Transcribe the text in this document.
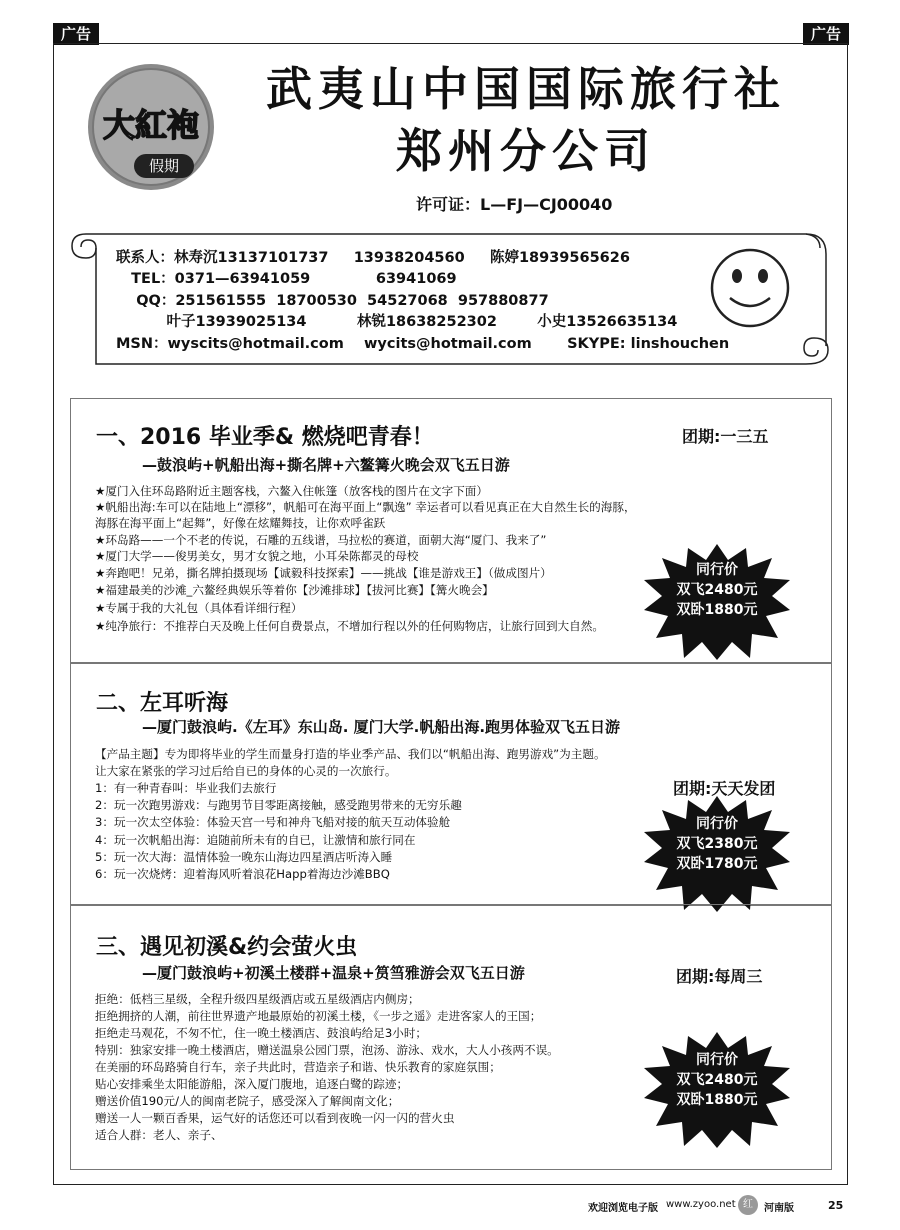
广告	广告
大紅袍
假期
武夷山中国国际旅行社
郑州分公司
许可证：L—FJ—CJ00040
联系人：林寿沉13137101737     13938204560     陈婷18939565626
TEL：0371—63941059             63941069
QQ：251561555  18700530  54527068  957880877
叶子13939025134          林锐18638252302        小史13526635134
MSN：wyscits@hotmail.com    wycits@hotmail.com       SKYPE: linshouchen
一、2016 毕业季& 燃烧吧青春！	团期:一三五
—鼓浪屿+帆船出海+撕名牌+六鳌篝火晚会双飞五日游
★厦门入住环岛路附近主题客栈，六鳌入住帐篷（放客栈的图片在文字下面）
★帆船出海:车可以在陆地上“漂移”，帆船可在海平面上“飘逸” 幸运者可以看见真正在大自然生长的海豚，
海豚在海平面上“起舞”，好像在炫耀舞技，让你欢呼雀跃
★环岛路——一个不老的传说，石雕的五线谱，马拉松的赛道，面朝大海“厦门、我来了”
★厦门大学——俊男美女，男才女貌之地，小耳朵陈都灵的母校
★奔跑吧！兄弟，撕名牌拍摄现场【诚毅科技探索】——挑战【谁是游戏王】（做成图片）
★福建最美的沙滩_六鳌经典娱乐等着你【沙滩排球】【拔河比赛】【篝火晚会】
★专属于我的大礼包（具体看详细行程）
★纯净旅行：不推荐白天及晚上任何自费景点，不增加行程以外的任何购物店，让旅行回到大自然。
同行价
双飞2480元
双卧1880元
二、左耳听海
—厦门鼓浪屿.《左耳》东山岛. 厦门大学.帆船出海.跑男体验双飞五日游
团期:天天发团
【产品主题】专为即将毕业的学生而量身打造的毕业季产品、我们以“帆船出海、跑男游戏”为主题。
让大家在紧张的学习过后给自已的身体的心灵的一次旅行。
1：有一种青春叫：毕业我们去旅行
2：玩一次跑男游戏：与跑男节目零距离接触，感受跑男带来的无穷乐趣
3：玩一次太空体验：体验天宫一号和神舟飞船对接的航天互动体验舱
4：玩一次帆船出海：追随前所未有的自已，让激情和旅行同在
5：玩一次大海：温情体验一晚东山海边四星酒店听涛入睡
6：玩一次烧烤：迎着海风听着浪花Happ着海边沙滩BBQ
同行价
双飞2380元
双卧1780元
三、遇见初溪&约会萤火虫
—厦门鼓浪屿+初溪土楼群+温泉+筼筜雅游会双飞五日游	团期:每周三
拒绝：低档三星级，全程升级四星级酒店或五星级酒店内侧房；
拒绝拥挤的人潮，前往世界遗产地最原始的初溪土楼，《一步之遥》走进客家人的王国；
拒绝走马观花，不匆不忙，住一晚土楼酒店、鼓浪屿给足3小时；
特别：独家安排一晚土楼酒店，赠送温泉公园门票，泡汤、游泳、戏水，大人小孩两不误。
在美丽的环岛路骑自行车，亲子共此时，营造亲子和谐、快乐教育的家庭氛围；
贴心安排乘坐太阳能游船，深入厦门腹地，追逐白鹭的踪迹；
赠送价值190元/人的闽南老院子，感受深入了解闽南文化；
赠送一人一颗百香果，运气好的话您还可以看到夜晚一闪一闪的营火虫
适合人群：老人、亲子、
同行价
双飞2480元
双卧1880元
欢迎浏览电子版 www.zyoo.net 红	河南版	25
